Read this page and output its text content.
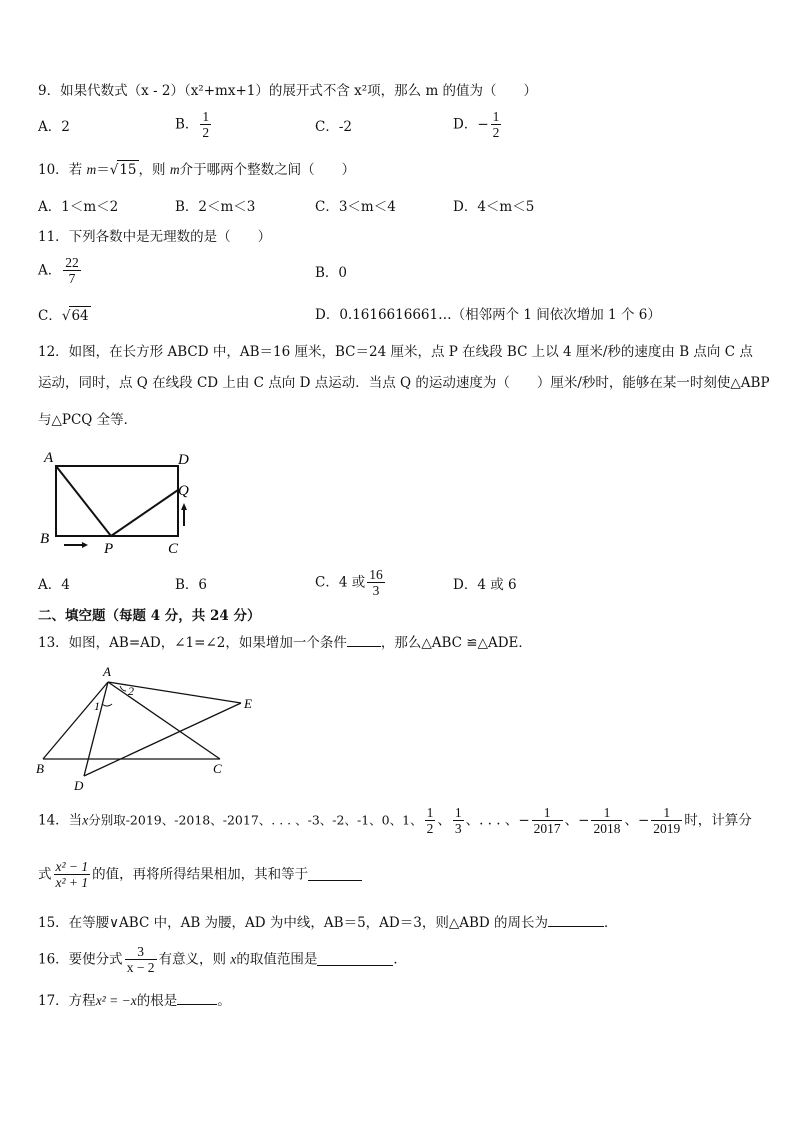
9．如果代数式（x - 2）（x²+mx+1）的展开式不含 x²项，那么 m 的值为（　　）
A．2	B． $\frac{1}{2}$	C．-2	D．− $\frac{1}{2}$
10．若 m＝√15 ，则 m介于哪两个整数之间（　　）
A．1＜m＜2	B．2＜m＜3	C．3＜m＜4	D．4＜m＜5
11．下列各数中是无理数的是（　　）
A． $\frac{22}{7}$	B．0
C．√64	D．0.1616616661…（相邻两个 1 间依次增加 1 个 6）
12．如图，在长方形 ABCD 中，AB＝16 厘米，BC＝24 厘米，点 P 在线段 BC 上以 4 厘米/秒的速度由 B 点向 C 点
运动，同时，点 Q 在线段 CD 上由 C 点向 D 点运动．当点 Q 的运动速度为（　　）厘米/秒时，能够在某一时刻使△ABP
与△PCQ 全等．
A	D
Q
B
P	C
A．4	B．6	C．4 或 $\frac{16}{3}$	D．4 或 6
二、填空题（每题 4 分，共 24 分）
13．如图，AB=AD，∠1=∠2，如果增加一个条件	，那么△ABC ≌△ADE．
A
B	C
D
E
1
2
14．当x分别取-2019、-2018、-2017、. . . 、-3、-2、-1、0、1、 $\frac{1}{2}$ 、 $\frac{1}{3}$ 、. . . 、− $\frac{1}{2017}$ 、− $\frac{1}{2018}$ 、− $\frac{1}{2019}$ 时，计算分
式 $\frac{\text{x² − 1}}{\text{x² + 1}}$ 的值，再将所得结果相加，其和等于
15．在等腰∨ABC 中，AB 为腰，AD 为中线，AB＝5，AD＝3，则△ABD 的周长为	．
16．要使分式 $\frac{3}{x - 2}$ 有意义，则 x的取值范围是	．
17．方程x² = −x的根是	。
